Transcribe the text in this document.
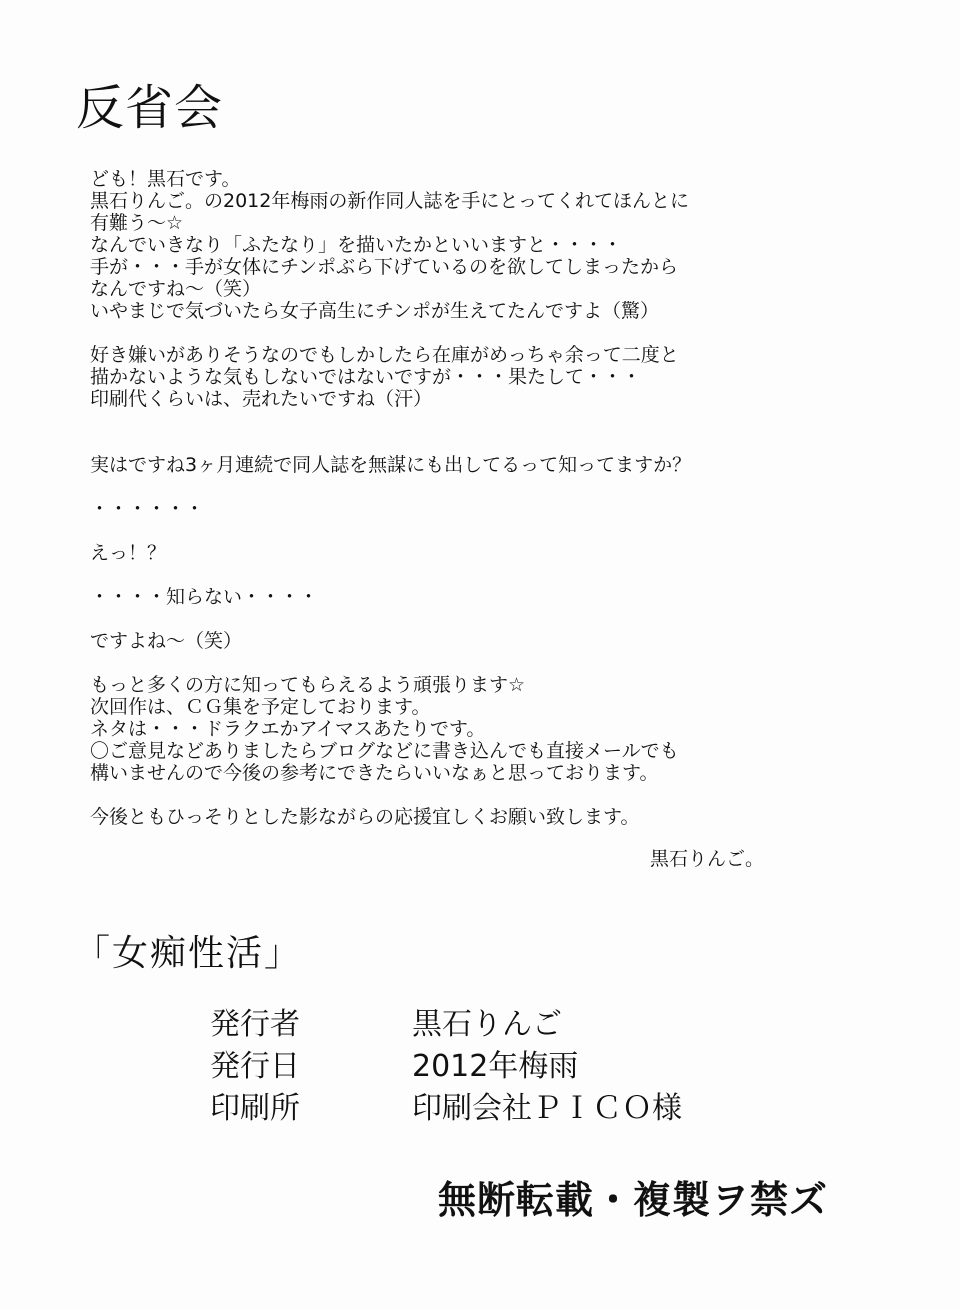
反省会
ども！黒石です。
黒石りんご。の2012年梅雨の新作同人誌を手にとってくれてほんとに
有難う～☆
なんでいきなり「ふたなり」を描いたかといいますと・・・・
手が・・・手が女体にチンポぶら下げているのを欲してしまったから
なんですね～（笑）
いやまじで気づいたら女子高生にチンポが生えてたんですよ（驚）
好き嫌いがありそうなのでもしかしたら在庫がめっちゃ余って二度と
描かないような気もしないではないですが・・・果たして・・・
印刷代くらいは、売れたいですね（汗）
実はですね3ヶ月連続で同人誌を無謀にも出してるって知ってますか？
・・・・・・
えっ！？
・・・・知らない・・・・
ですよね～（笑）
もっと多くの方に知ってもらえるよう頑張ります☆
次回作は、ＣＧ集を予定しております。
ネタは・・・ドラクエかアイマスあたりです。
〇ご意見などありましたらブログなどに書き込んでも直接メールでも
構いませんので今後の参考にできたらいいなぁと思っております。
今後ともひっそりとした影ながらの応援宜しくお願い致します。
黒石りんご。
「女痴性活」
発行者	黒石りんご
発行日	2012年梅雨
印刷所	印刷会社ＰＩＣＯ様
無断転載・複製ヲ禁ズ
